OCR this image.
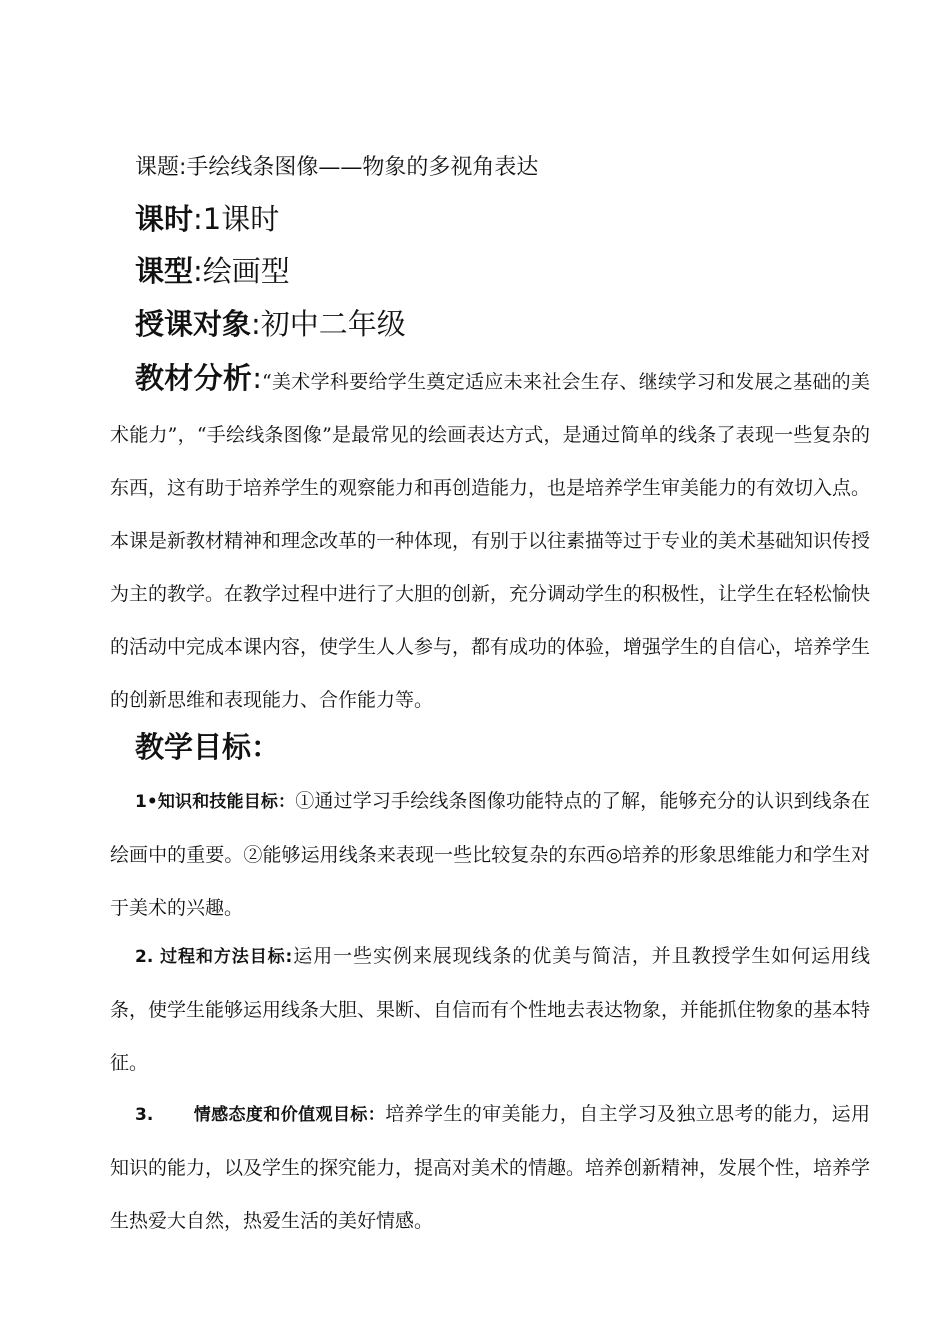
课题:手绘线条图像——物象的多视角表达
课时:1课时
课型:绘画型
授课对象:初中二年级
教材分析:“美术学科要给学生奠定适应未来社会生存、继续学习和发展之基础的美术能力”，“手绘线条图像”是最常见的绘画表达方式，是通过简单的线条了表现一些复杂的东西，这有助于培养学生的观察能力和再创造能力，也是培养学生审美能力的有效切入点。本课是新教材精神和理念改革的一种体现，有别于以往素描等过于专业的美术基础知识传授为主的教学。在教学过程中进行了大胆的创新，充分调动学生的积极性，让学生在轻松愉快的活动中完成本课内容，使学生人人参与，都有成功的体验，增强学生的自信心，培养学生的创新思维和表现能力、合作能力等。
教学目标：
1•知识和技能目标：①通过学习手绘线条图像功能特点的了解，能够充分的认识到线条在绘画中的重要。②能够运用线条来表现一些比较复杂的东西◎培养的形象思维能力和学生对于美术的兴趣。
2. 过程和方法目标:运用一些实例来展现线条的优美与简洁，并且教授学生如何运用线条，使学生能够运用线条大胆、果断、自信而有个性地去表达物象，并能抓住物象的基本特征。
3. 情感态度和价值观目标：培养学生的审美能力，自主学习及独立思考的能力，运用知识的能力，以及学生的探究能力，提高对美术的情趣。培养创新精神，发展个性，培养学生热爱大自然，热爱生活的美好情感。
